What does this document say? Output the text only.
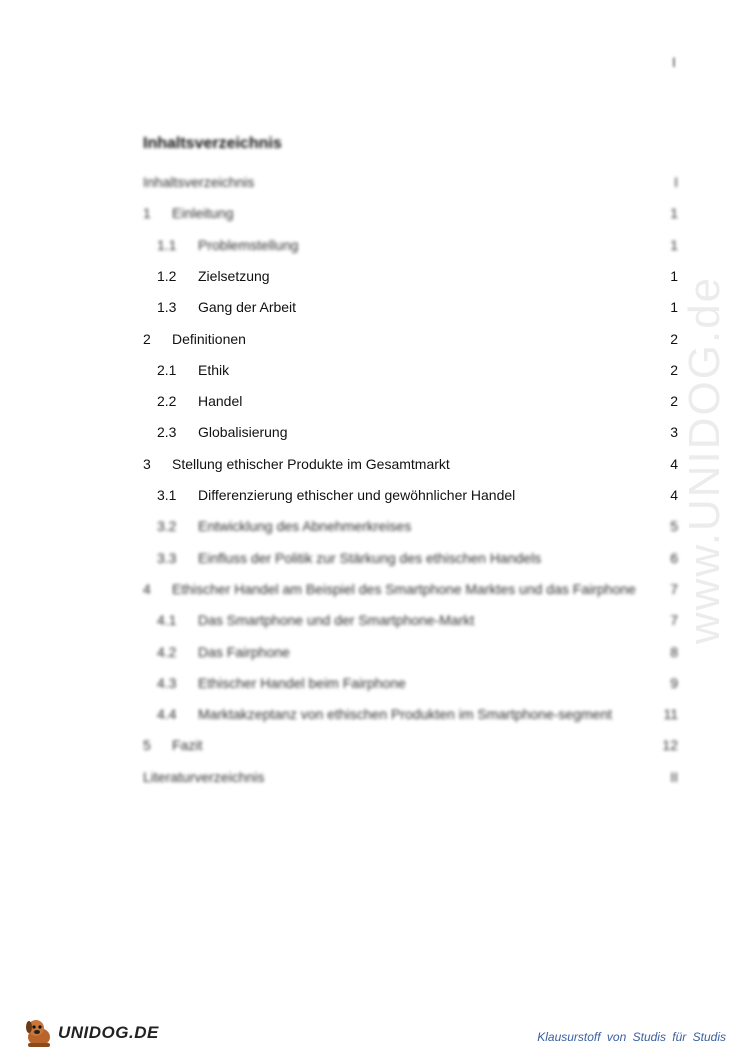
I
Inhaltsverzeichnis
Inhaltsverzeichnis	I
1 Einleitung	1
1.1 Problemstellung	1
1.2 Zielsetzung	1
1.3 Gang der Arbeit	1
2 Definitionen	2
2.1 Ethik	2
2.2 Handel	2
2.3 Globalisierung	3
3 Stellung ethischer Produkte im Gesamtmarkt	4
3.1 Differenzierung ethischer und gewöhnlicher Handel	4
3.2 Entwicklung des Abnehmerkreises	5
3.3 Einfluss der Politik zur Stärkung des ethischen Handels	6
4 Ethischer Handel am Beispiel des Smartphone Marktes und das Fairphone 7
4.1 Das Smartphone und der Smartphone-Markt	7
4.2 Das Fairphone	8
4.3 Ethischer Handel beim Fairphone	9
4.4 Marktakzeptanz von ethischen Produkten im Smartphone-segment	11
5 Fazit	12
Literaturverzeichnis	II
www.UNIDOG.de
UNIDOG.DE	Klausurstoff von Studis für Studis
